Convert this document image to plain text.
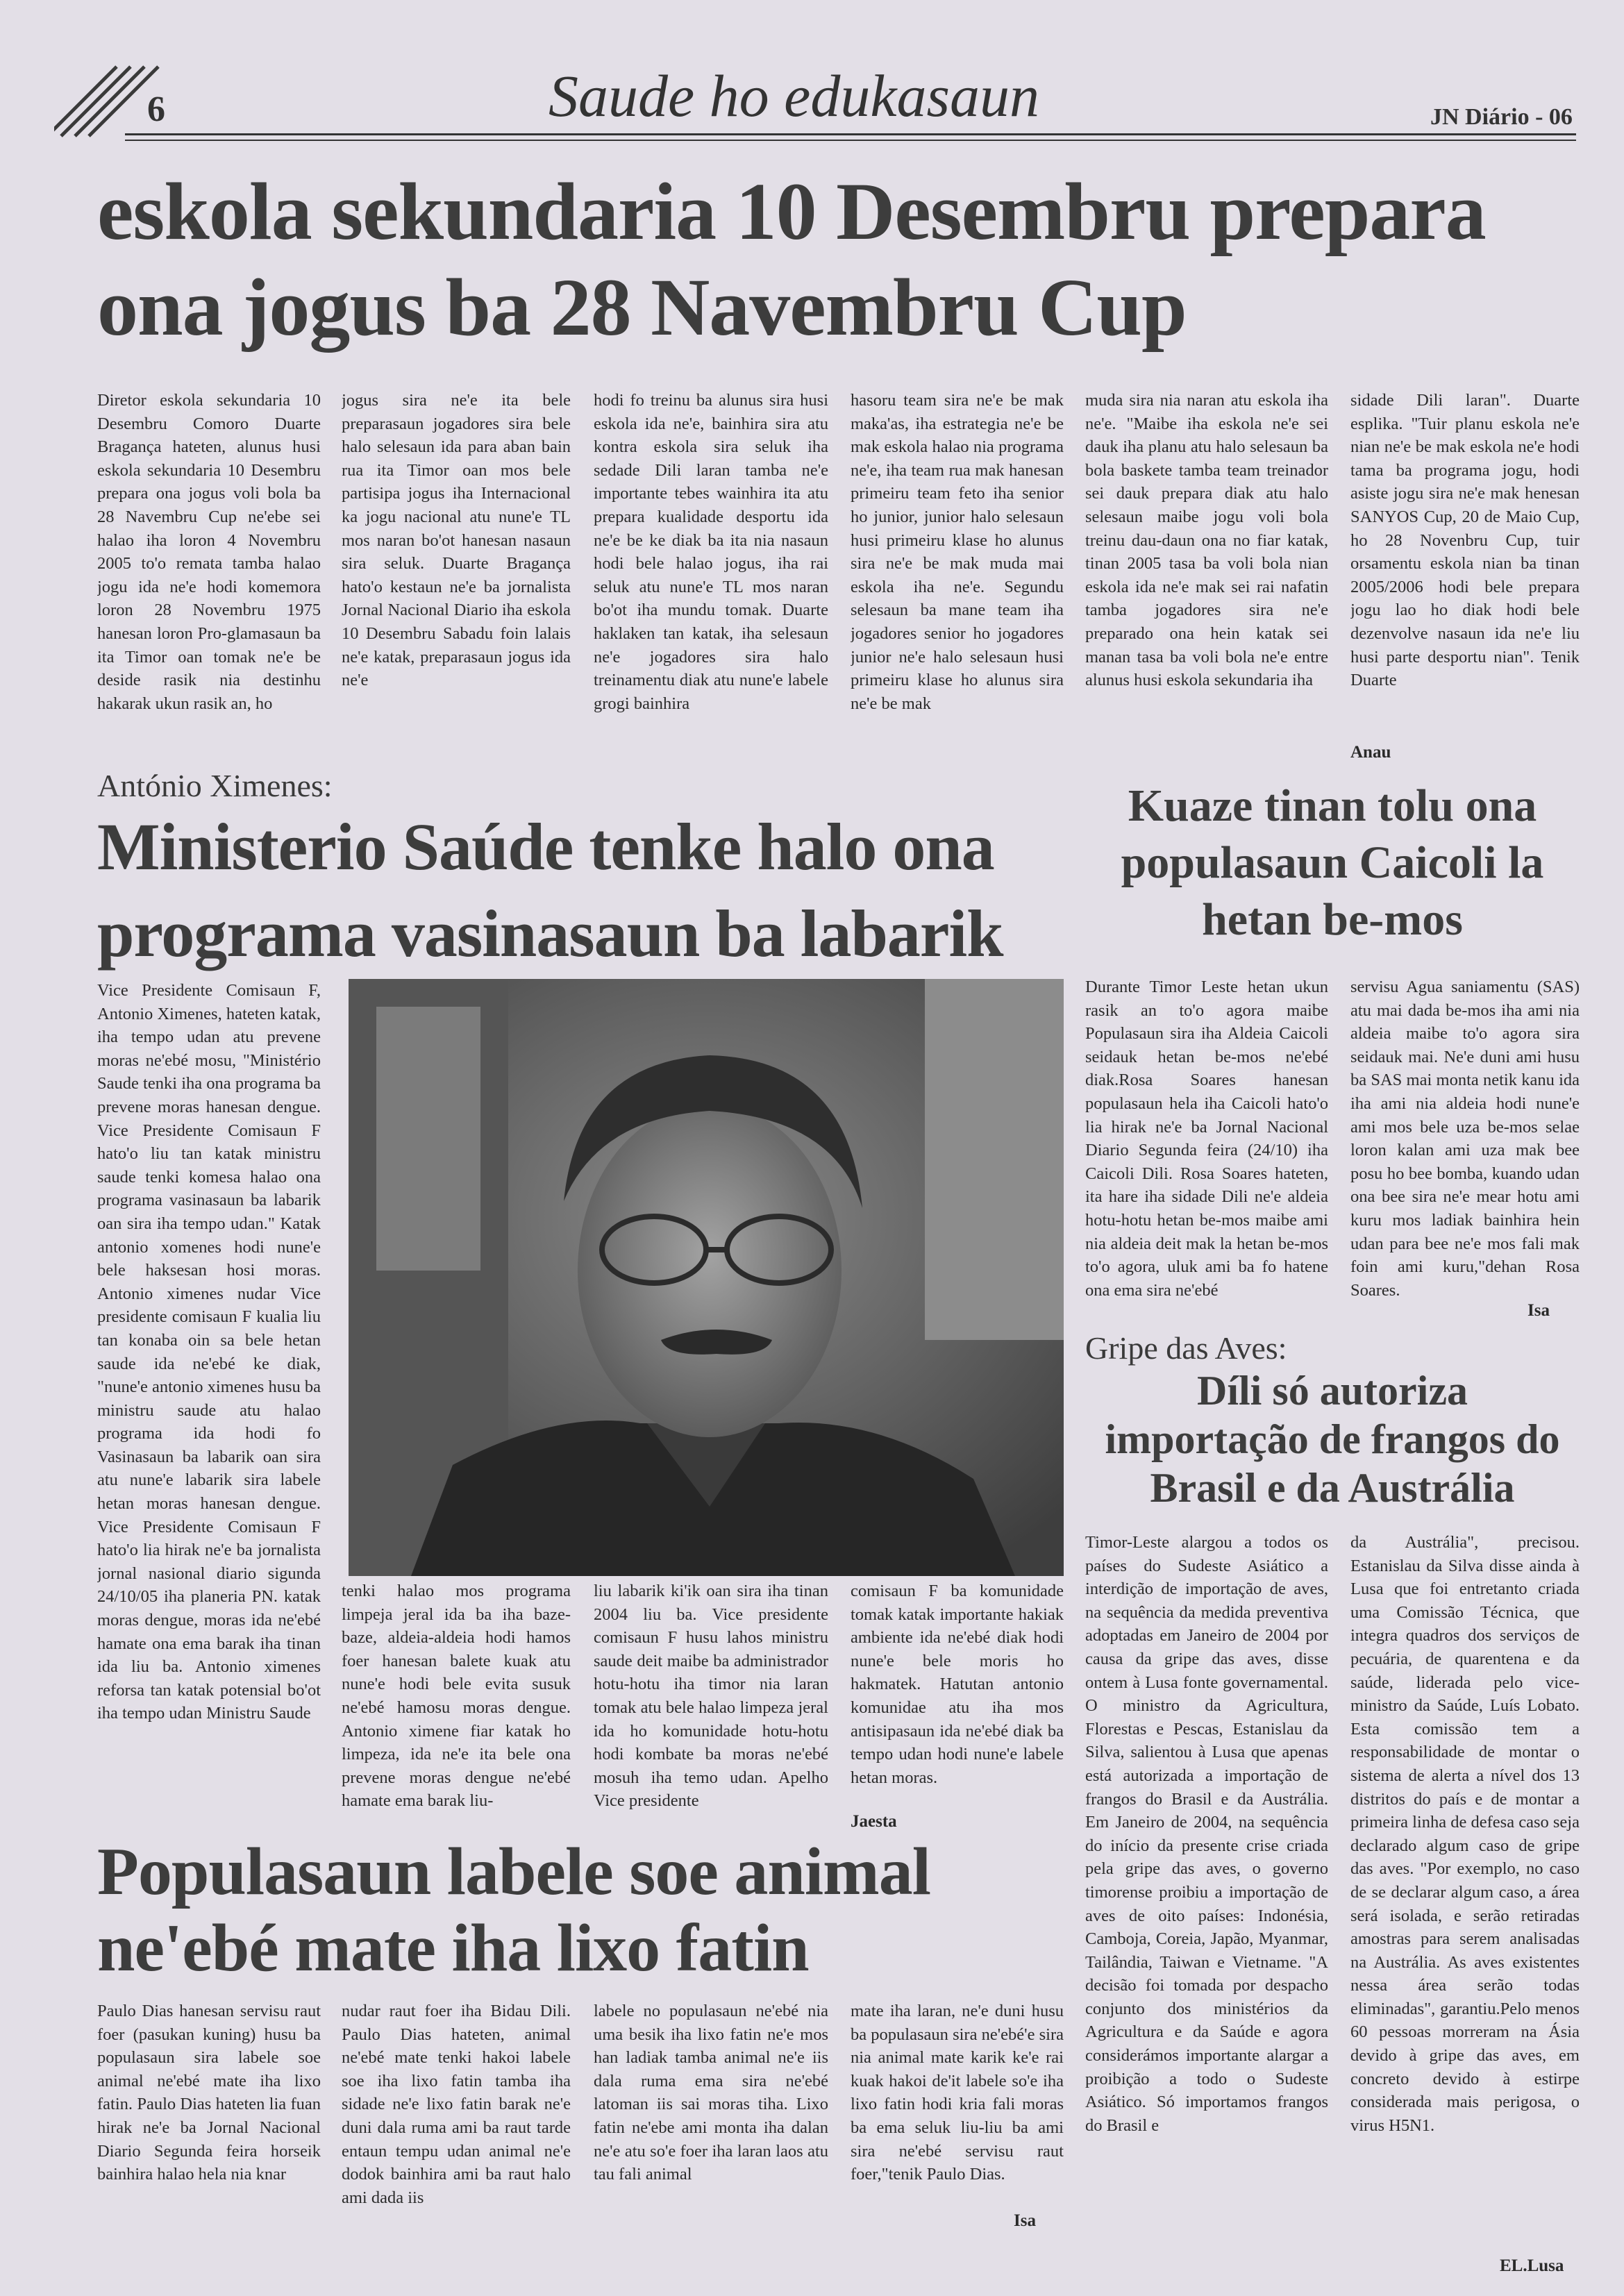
6	Saude ho edukasaun	JN Diário - 06
eskola sekundaria 10 Desembru prepara
ona jogus ba 28 Navembru Cup
Diretor eskola sekundaria 10 Desembru Comoro Duarte Bragança hateten, alunus husi eskola sekundaria 10 Desembru prepara ona jogus voli bola ba 28 Navembru Cup ne'ebe sei halao iha loron 4 Novembru 2005 to'o remata tamba halao jogu ida ne'e hodi komemora loron 28 Novembru 1975 hanesan loron Pro-glamasaun ba ita Timor oan tomak ne'e be deside rasik nia destinhu hakarak ukun rasik an, ho
jogus sira ne'e ita bele preparasaun jogadores sira bele halo selesaun ida para aban bain rua ita Timor oan mos bele partisipa jogus iha Internacional ka jogu nacional atu nune'e TL mos naran bo'ot hanesan nasaun sira seluk. Duarte Bragança hato'o kestaun ne'e ba jornalista Jornal Nacional Diario iha eskola 10 Desembru Sabadu foin lalais ne'e katak, preparasaun jogus ida ne'e
hodi fo treinu ba alunus sira husi eskola ida ne'e, bainhira sira atu kontra eskola sira seluk iha sedade Dili laran tamba ne'e importante tebes wainhira ita atu prepara kualidade desportu ida ne'e be ke diak ba ita nia nasaun hodi bele halao jogus, iha rai seluk atu nune'e TL mos naran bo'ot iha mundu tomak. Duarte haklaken tan katak, iha selesaun ne'e jogadores sira halo treinamentu diak atu nune'e labele grogi bainhira
hasoru team sira ne'e be mak maka'as, iha estrategia ne'e be mak eskola halao nia programa ne'e, iha team rua mak hanesan primeiru team feto iha senior ho junior, junior halo selesaun husi primeiru klase ho alunus sira ne'e be mak muda mai eskola iha ne'e. Segundu selesaun ba mane team iha jogadores senior ho jogadores junior ne'e halo selesaun husi primeiru klase ho alunus sira ne'e be mak
muda sira nia naran atu eskola iha ne'e. "Maibe iha eskola ne'e sei dauk iha planu atu halo selesaun ba bola baskete tamba team treinador sei dauk prepara diak atu halo selesaun maibe jogu voli bola treinu dau-daun ona no fiar katak, tinan 2005 tasa ba voli bola nian eskola ida ne'e mak sei rai nafatin tamba jogadores sira ne'e preparado ona hein katak sei manan tasa ba voli bola ne'e entre alunus husi eskola sekundaria iha
sidade Dili laran". Duarte esplika. "Tuir planu eskola ne'e nian ne'e be mak eskola ne'e hodi tama ba programa jogu, hodi asiste jogu sira ne'e mak henesan SANYOS Cup, 20 de Maio Cup, ho 28 Novenbru Cup, tuir orsamentu eskola nian ba tinan 2005/2006 hodi bele prepara jogu lao ho diak hodi bele dezenvolve nasaun ida ne'e liu husi parte desportu nian". Tenik Duarte
Anau
António Ximenes:
Ministerio Saúde tenke halo ona
programa vasinasaun ba labarik
Vice Presidente Comisaun F, Antonio Ximenes, hateten katak, iha tempo udan atu prevene moras ne'ebé mosu, "Ministério Saude tenki iha ona programa ba prevene moras hanesan dengue. Vice Presidente Comisaun F hato'o liu tan katak ministru saude tenki komesa halao ona programa vasinasaun ba labarik oan sira iha tempo udan." Katak antonio xomenes hodi nune'e bele haksesan hosi moras. Antonio ximenes nudar Vice presidente comisaun F kualia liu tan konaba oin sa bele hetan saude ida ne'ebé ke diak, "nune'e antonio ximenes husu ba ministru saude atu halao programa ida hodi fo Vasinasaun ba labarik oan sira atu nune'e labarik sira labele hetan moras hanesan dengue. Vice Presidente Comisaun F hato'o lia hirak ne'e ba jornalista jornal nasional diario sigunda 24/10/05 iha planeria PN. katak moras dengue, moras ida ne'ebé hamate ona ema barak iha tinan ida liu ba. Antonio ximenes reforsa tan katak potensial bo'ot iha tempo udan Ministru Saude
tenki halao mos programa limpeja jeral ida ba iha baze-baze, aldeia-aldeia hodi hamos foer hanesan balete kuak atu nune'e hodi bele evita susuk ne'ebé hamosu moras dengue. Antonio ximene fiar katak ho limpeza, ida ne'e ita bele ona prevene moras dengue ne'ebé hamate ema barak liu-
liu labarik ki'ik oan sira iha tinan 2004 liu ba. Vice presidente comisaun F husu lahos ministru saude deit maibe ba administrador hotu-hotu iha timor nia laran tomak atu bele halao limpeza jeral ida ho komunidade hotu-hotu hodi kombate ba moras ne'ebé mosuh iha temo udan. Apelho Vice presidente
comisaun F ba komunidade tomak katak importante hakiak ambiente ida ne'ebé diak hodi nune'e bele moris ho hakmatek. Hatutan antonio komunidae atu iha mos antisipasaun ida ne'ebé diak ba tempo udan hodi nune'e labele hetan moras.
Jaesta
Kuaze tinan tolu ona
populasaun Caicoli la
hetan be-mos
Durante Timor Leste hetan ukun rasik an to'o agora maibe Populasaun sira iha Aldeia Caicoli seidauk hetan be-mos ne'ebé diak.Rosa Soares hanesan populasaun hela iha Caicoli hato'o lia hirak ne'e ba Jornal Nacional Diario Segunda feira (24/10) iha Caicoli Dili. Rosa Soares hateten, ita hare iha sidade Dili ne'e aldeia hotu-hotu hetan be-mos maibe ami nia aldeia deit mak la hetan be-mos to'o agora, uluk ami ba fo hatene ona ema sira ne'ebé
servisu Agua saniamentu (SAS) atu mai dada be-mos iha ami nia aldeia maibe to'o agora sira seidauk mai. Ne'e duni ami husu ba SAS mai monta netik kanu ida iha ami nia aldeia hodi nune'e ami mos bele uza be-mos selae loron kalan ami uza mak bee posu ho bee bomba, kuando udan ona bee sira ne'e mear hotu ami kuru mos ladiak bainhira hein udan para bee ne'e mos fali mak foin ami kuru,"dehan Rosa Soares.
Isa
Gripe das Aves:
Díli só autoriza
importação de frangos do
Brasil e da Austrália
Timor-Leste alargou a todos os países do Sudeste Asiático a interdição de importação de aves, na sequência da medida preventiva adoptadas em Janeiro de 2004 por causa da gripe das aves, disse ontem à Lusa fonte governamental. O ministro da Agricultura, Florestas e Pescas, Estanislau da Silva, salientou à Lusa que apenas está autorizada a importação de frangos do Brasil e da Austrália. Em Janeiro de 2004, na sequência do início da presente crise criada pela gripe das aves, o governo timorense proibiu a importação de aves de oito países: Indonésia, Camboja, Coreia, Japão, Myanmar, Tailândia, Taiwan e Vietname. "A decisão foi tomada por despacho conjunto dos ministérios da Agricultura e da Saúde e agora considerámos importante alargar a proibição a todo o Sudeste Asiático. Só importamos frangos do Brasil e
da Austrália", precisou. Estanislau da Silva disse ainda à Lusa que foi entretanto criada uma Comissão Técnica, que integra quadros dos serviços de pecuária, de quarentena e da saúde, liderada pelo vice-ministro da Saúde, Luís Lobato. Esta comissão tem a responsabilidade de montar o sistema de alerta a nível dos 13 distritos do país e de montar a primeira linha de defesa caso seja declarado algum caso de gripe das aves. "Por exemplo, no caso de se declarar algum caso, a área será isolada, e serão retiradas amostras para serem analisadas na Austrália. As aves existentes nessa área serão todas eliminadas", garantiu.Pelo menos 60 pessoas morreram na Ásia devido à gripe das aves, em concreto devido à estirpe considerada mais perigosa, o virus H5N1.
EL.Lusa
Populasaun labele soe animal
ne'ebé mate iha lixo fatin
Paulo Dias hanesan servisu raut foer (pasukan kuning) husu ba populasaun sira labele soe animal ne'ebé mate iha lixo fatin. Paulo Dias hateten lia fuan hirak ne'e ba Jornal Nacional Diario Segunda feira horseik bainhira halao hela nia knar
nudar raut foer iha Bidau Dili. Paulo Dias hateten, animal ne'ebé mate tenki hakoi labele soe iha lixo fatin tamba iha sidade ne'e lixo fatin barak ne'e duni dala ruma ami ba raut tarde entaun tempu udan animal ne'e dodok bainhira ami ba raut halo ami dada iis
labele no populasaun ne'ebé nia uma besik iha lixo fatin ne'e mos han ladiak tamba animal ne'e iis dala ruma ema sira ne'ebé latoman iis sai moras tiha. Lixo fatin ne'ebe ami monta iha dalan ne'e atu so'e foer iha laran laos atu tau fali animal
mate iha laran, ne'e duni husu ba populasaun sira ne'ebé'e sira nia animal mate karik ke'e rai kuak hakoi de'it labele so'e iha lixo fatin hodi kria fali moras ba ema seluk liu-liu ba ami sira ne'ebé servisu raut foer,"tenik Paulo Dias.
Isa
